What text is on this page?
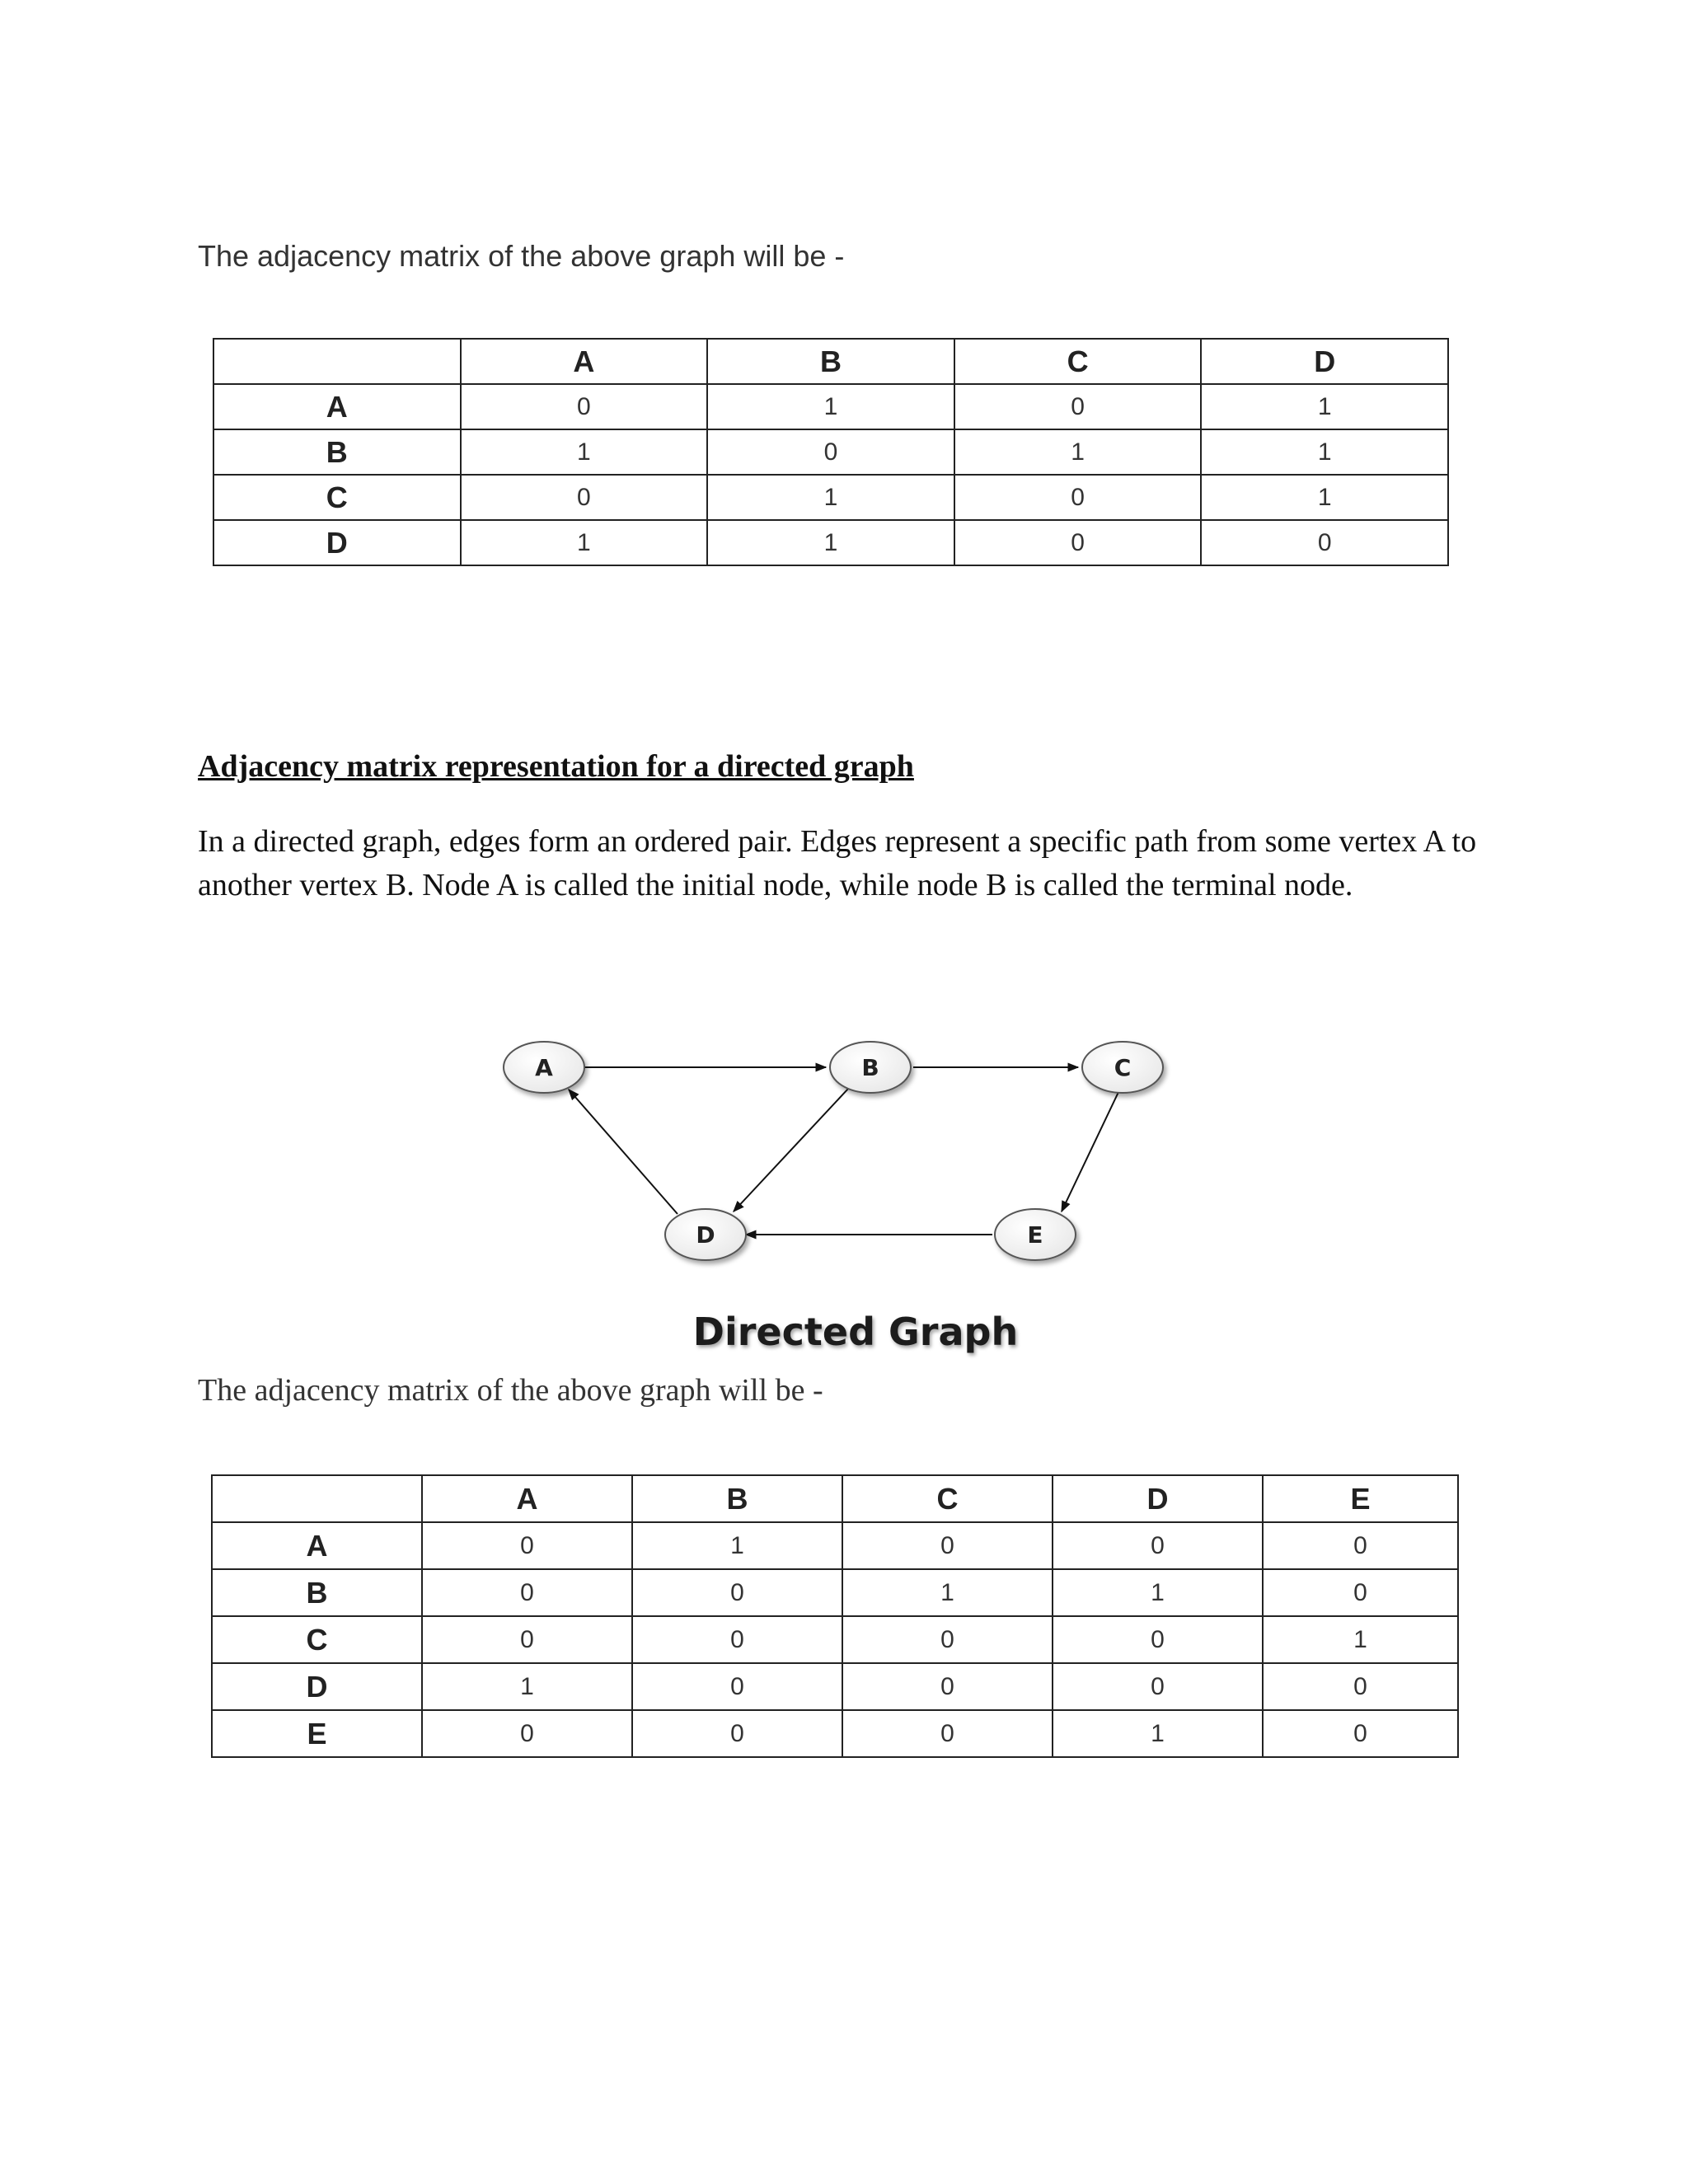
The adjacency matrix of the above graph will be -

	A	B	C	D
A	0	1	0	1
B	1	0	1	1
C	0	1	0	1
D	1	1	0	0
Adjacency matrix representation for a directed graph

In a directed graph, edges form an ordered pair. Edges represent a specific path from some vertex A to another vertex B. Node A is called the initial node, while node B is called the terminal node.

A	B	C
D	E
Directed Graph

The adjacency matrix of the above graph will be -

	A	B	C	D	E
A	0	1	0	0	0
B	0	0	1	1	0
C	0	0	0	0	1
D	1	0	0	0	0
E	0	0	0	1	0
